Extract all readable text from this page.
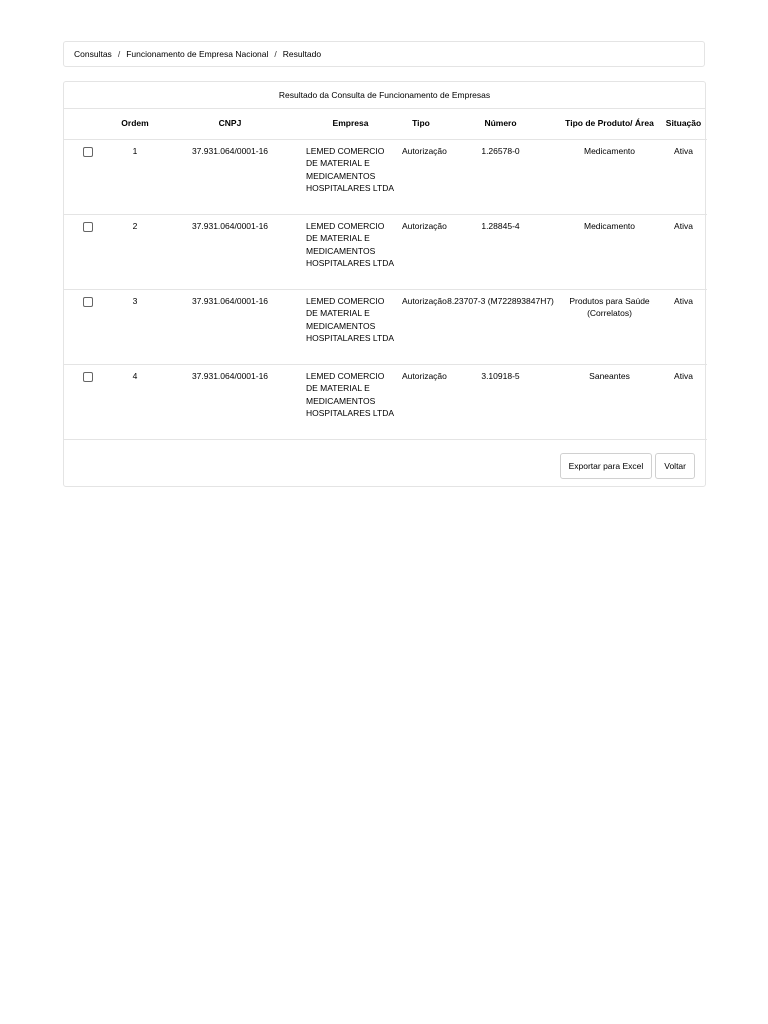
Consultas / Funcionamento de Empresa Nacional / Resultado
Resultado da Consulta de Funcionamento de Empresas
	Ordem	CNPJ	Empresa	Tipo	Número	Tipo de Produto/ Área	Situação
	1	37.931.064/0001-16	LEMED COMERCIO DE MATERIAL E MEDICAMENTOS HOSPITALARES LTDA	Autorização	1.26578-0	Medicamento	Ativa
	2	37.931.064/0001-16	LEMED COMERCIO DE MATERIAL E MEDICAMENTOS HOSPITALARES LTDA	Autorização	1.28845-4	Medicamento	Ativa
	3	37.931.064/0001-16	LEMED COMERCIO DE MATERIAL E MEDICAMENTOS HOSPITALARES LTDA	Autorização	8.23707-3 (M722893847H7)	Produtos para Saúde (Correlatos)	Ativa
	4	37.931.064/0001-16	LEMED COMERCIO DE MATERIAL E MEDICAMENTOS HOSPITALARES LTDA	Autorização	3.10918-5	Saneantes	Ativa
Exportar para Excel	Voltar
